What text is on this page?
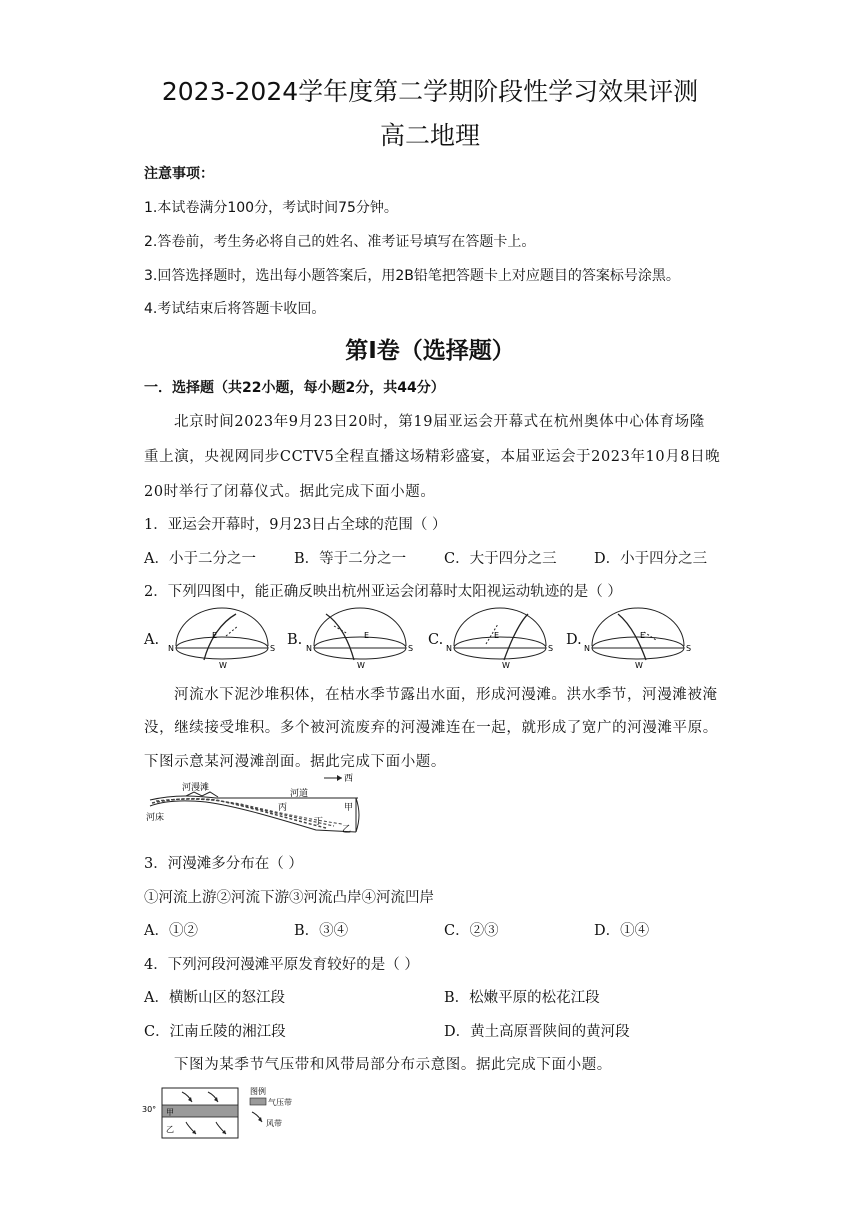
2023-2024学年度第二学期阶段性学习效果评测
高二地理
注意事项：
1.本试卷满分100分，考试时间75分钟。
2.答卷前，考生务必将自己的姓名、准考证号填写在答题卡上。
3.回答选择题时，选出每小题答案后，用2B铅笔把答题卡上对应题目的答案标号涂黑。
4.考试结束后将答题卡收回。
第Ⅰ卷（选择题）
一．选择题（共22小题，每小题2分，共44分）
北京时间2023年9月23日20时，第19届亚运会开幕式在杭州奥体中心体育场隆
重上演，央视网同步CCTV5全程直播这场精彩盛宴，本届亚运会于2023年10月8日晚
20时举行了闭幕仪式。据此完成下面小题。
1．亚运会开幕时，9月23日占全球的范围（ ）
A．小于二分之一	B．等于二分之一	C．大于四分之三	D．小于四分之三
2．下列四图中，能正确反映出杭州亚运会闭幕时太阳视运动轨迹的是（ ）
A.	B.	C.	D.
N	S
E
W
N	S
E
W
N	S
E
W
N	S
E
W
河流水下泥沙堆积体，在枯水季节露出水面，形成河漫滩。洪水季节，河漫滩被淹
没，继续接受堆积。多个被河流废弃的河漫滩连在一起，就形成了宽广的河漫滩平原。
下图示意某河漫滩剖面。据此完成下面小题。
西
河漫滩
河道
河床
甲
乙
丙
丁
3．河漫滩多分布在（ ）
①河流上游②河流下游③河流凸岸④河流凹岸
A．①②	B．③④	C．②③	D．①④
4．下列河段河漫滩平原发育较好的是（ ）
A．横断山区的怒江段	B．松嫩平原的松花江段
C．江南丘陵的湘江段	D．黄土高原晋陕间的黄河段
下图为某季节气压带和风带局部分布示意图。据此完成下面小题。
30° 甲
乙
图例
气压带
风带
